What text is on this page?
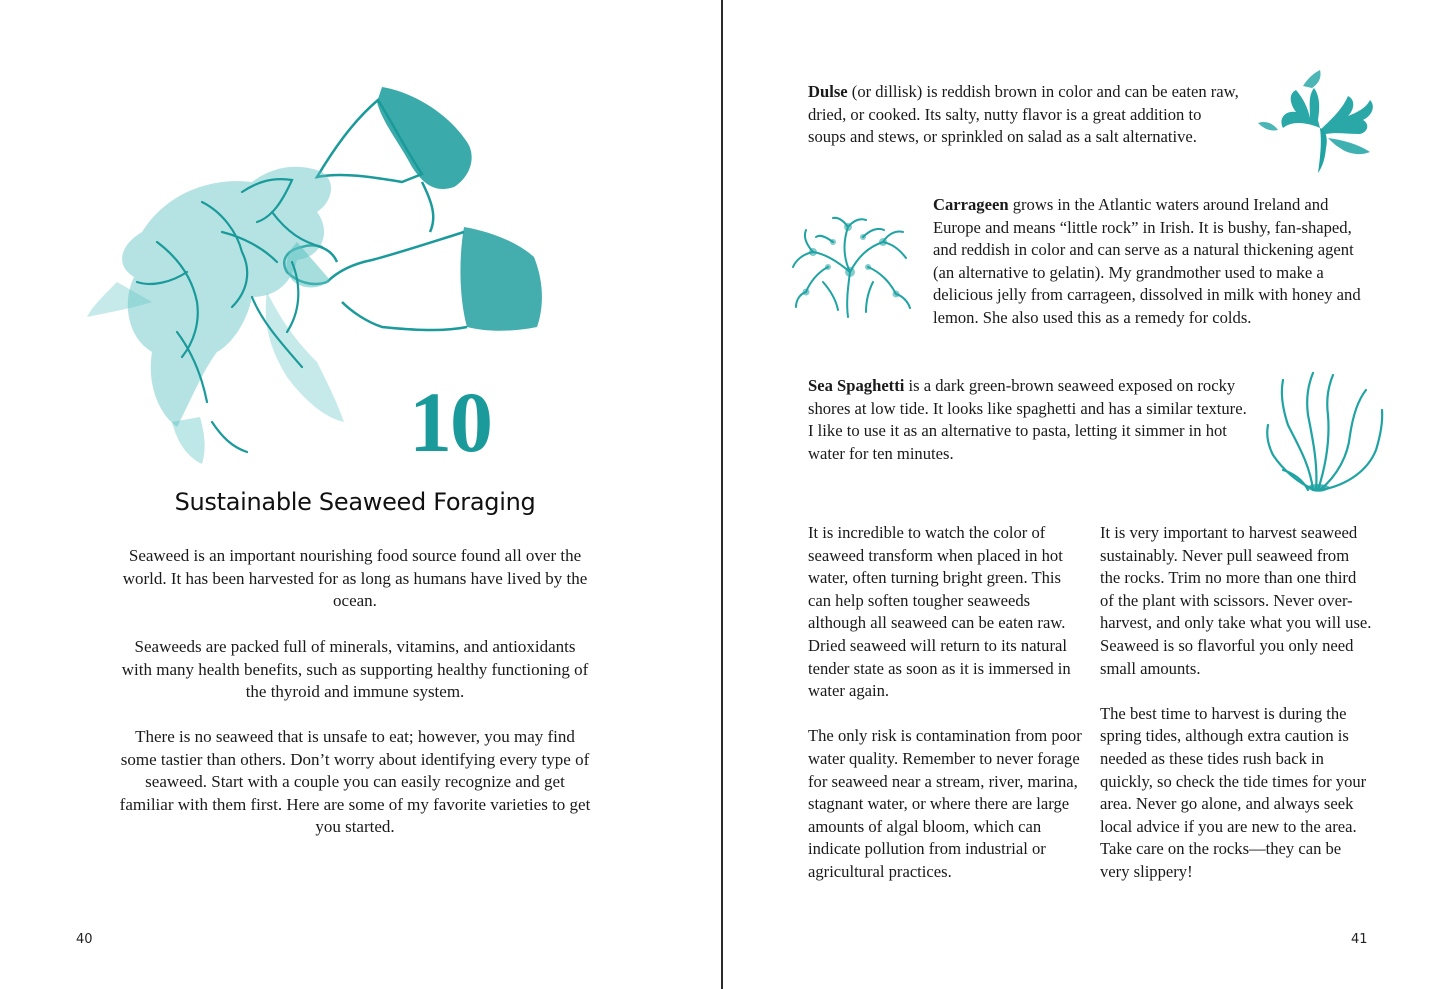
10
Sustainable Seaweed Foraging

Seaweed is an important nourishing food source found all over the world. It has been harvested for as long as humans have lived by the ocean.

Seaweeds are packed full of minerals, vitamins, and antioxidants with many health benefits, such as supporting healthy functioning of the thyroid and immune system.

There is no seaweed that is unsafe to eat; however, you may find some tastier than others. Don’t worry about identifying every type of seaweed. Start with a couple you can easily recognize and get familiar with them first. Here are some of my favorite varieties to get you started.

40

Dulse (or dillisk) is reddish brown in color and can be eaten raw, dried, or cooked. Its salty, nutty flavor is a great addition to soups and stews, or sprinkled on salad as a salt alternative.

Carrageen grows in the Atlantic waters around Ireland and Europe and means “little rock” in Irish. It is bushy, fan-shaped, and reddish in color and can serve as a natural thickening agent (an alternative to gelatin). My grandmother used to make a delicious jelly from carrageen, dissolved in milk with honey and lemon. She also used this as a remedy for colds.

Sea Spaghetti is a dark green-brown seaweed exposed on rocky shores at low tide. It looks like spaghetti and has a similar texture. I like to use it as an alternative to pasta, letting it simmer in hot water for ten minutes.

It is incredible to watch the color of seaweed transform when placed in hot water, often turning bright green. This can help soften tougher seaweeds although all seaweed can be eaten raw. Dried seaweed will return to its natural tender state as soon as it is immersed in water again.

The only risk is contamination from poor water quality. Remember to never forage for seaweed near a stream, river, marina, stagnant water, or where there are large amounts of algal bloom, which can indicate pollution from industrial or agricultural practices.

It is very important to harvest seaweed sustainably. Never pull seaweed from the rocks. Trim no more than one third of the plant with scissors. Never over-harvest, and only take what you will use. Seaweed is so flavorful you only need small amounts.

The best time to harvest is during the spring tides, although extra caution is needed as these tides rush back in quickly, so check the tide times for your area. Never go alone, and always seek local advice if you are new to the area. Take care on the rocks—they can be very slippery!

41
